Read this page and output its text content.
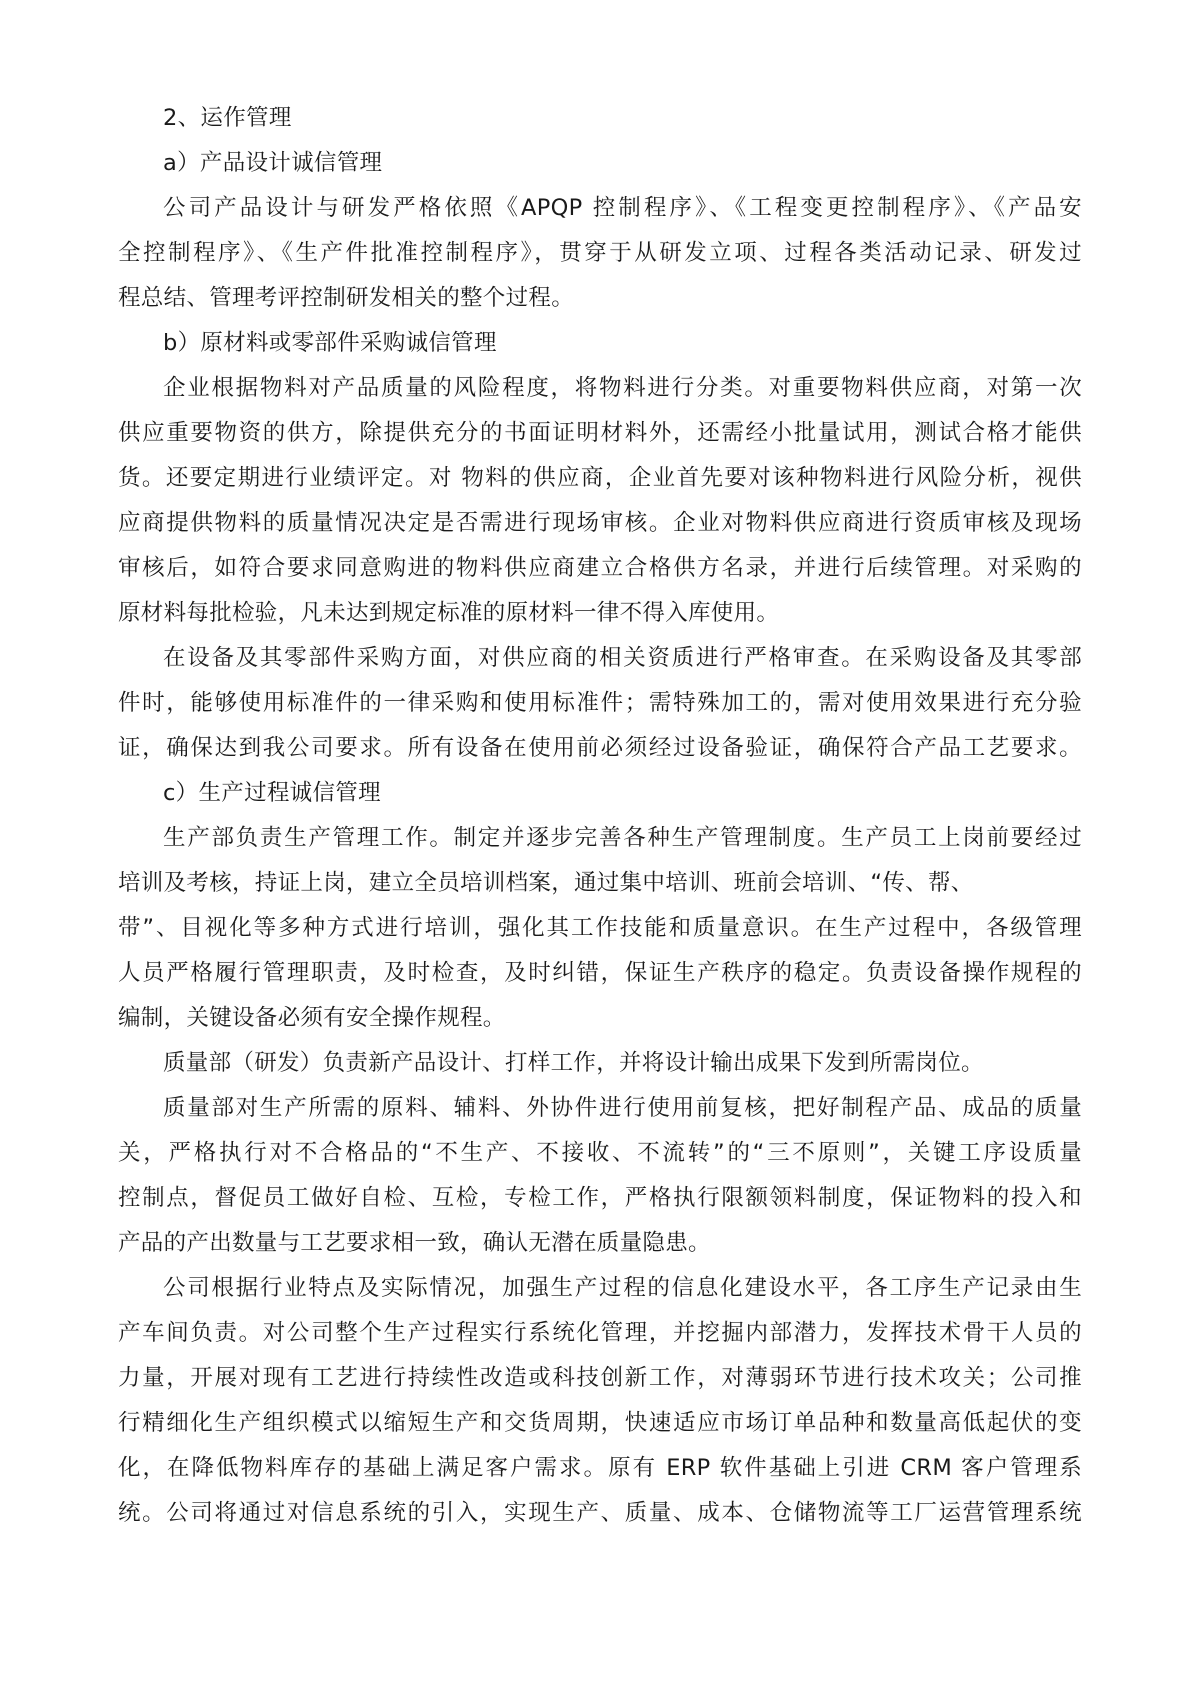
2、运作管理
a）产品设计诚信管理
公司产品设计与研发严格依照《APQP 控制程序》、《工程变更控制程序》、《产品安
全控制程序》、《生产件批准控制程序》，贯穿于从研发立项、过程各类活动记录、研发过
程总结、管理考评控制研发相关的整个过程。
b）原材料或零部件采购诚信管理
企业根据物料对产品质量的风险程度，将物料进行分类。对重要物料供应商，对第一次
供应重要物资的供方，除提供充分的书面证明材料外，还需经小批量试用，测试合格才能供
货。还要定期进行业绩评定。对 物料的供应商，企业首先要对该种物料进行风险分析，视供
应商提供物料的质量情况决定是否需进行现场审核。企业对物料供应商进行资质审核及现场
审核后，如符合要求同意购进的物料供应商建立合格供方名录，并进行后续管理。对采购的
原材料每批检验，凡未达到规定标准的原材料一律不得入库使用。
在设备及其零部件采购方面，对供应商的相关资质进行严格审查。在采购设备及其零部
件时，能够使用标准件的一律采购和使用标准件；需特殊加工的，需对使用效果进行充分验
证，确保达到我公司要求。所有设备在使用前必须经过设备验证，确保符合产品工艺要求。
c）生产过程诚信管理
生产部负责生产管理工作。制定并逐步完善各种生产管理制度。生产员工上岗前要经过
培训及考核，持证上岗，建立全员培训档案，通过集中培训、班前会培训、“传、帮、
带”、目视化等多种方式进行培训，强化其工作技能和质量意识。在生产过程中，各级管理
人员严格履行管理职责，及时检查，及时纠错，保证生产秩序的稳定。负责设备操作规程的
编制，关键设备必须有安全操作规程。
质量部（研发）负责新产品设计、打样工作，并将设计输出成果下发到所需岗位。
质量部对生产所需的原料、辅料、外协件进行使用前复核，把好制程产品、成品的质量
关，严格执行对不合格品的“不生产、不接收、不流转”的“三不原则”，关键工序设质量
控制点，督促员工做好自检、互检，专检工作，严格执行限额领料制度，保证物料的投入和
产品的产出数量与工艺要求相一致，确认无潜在质量隐患。
公司根据行业特点及实际情况，加强生产过程的信息化建设水平，各工序生产记录由生
产车间负责。对公司整个生产过程实行系统化管理，并挖掘内部潜力，发挥技术骨干人员的
力量，开展对现有工艺进行持续性改造或科技创新工作，对薄弱环节进行技术攻关；公司推
行精细化生产组织模式以缩短生产和交货周期，快速适应市场订单品种和数量高低起伏的变
化，在降低物料库存的基础上满足客户需求。原有 ERP 软件基础上引进 CRM 客户管理系
统。公司将通过对信息系统的引入，实现生产、质量、成本、仓储物流等工厂运营管理系统
